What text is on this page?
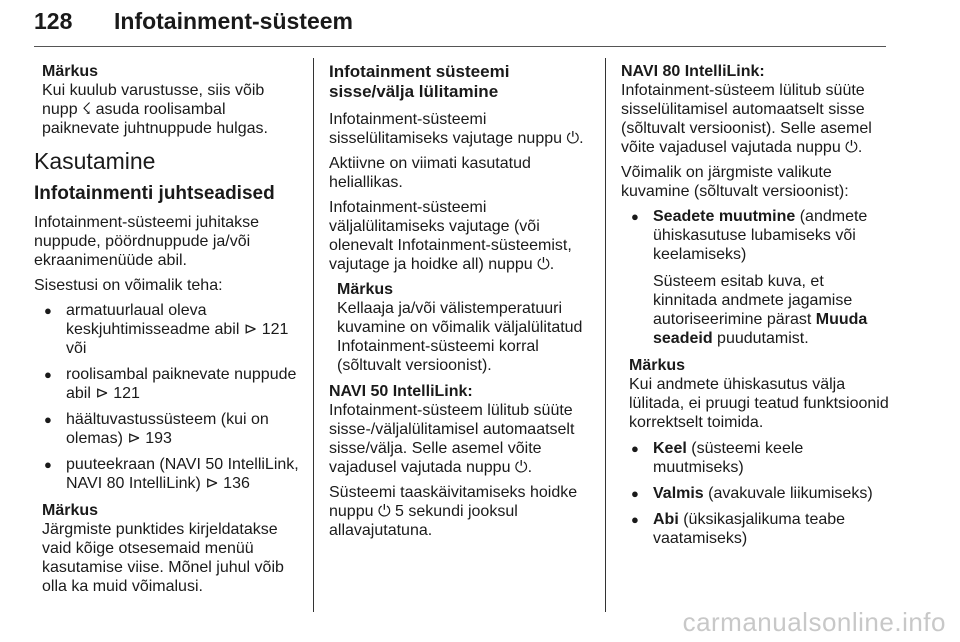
128 Infotainment-süsteem
Märkus
Kui kuulub varustusse, siis võib nupp ☇ asuda roolisambal paiknevate juhtnuppude hulgas.
Kasutamine
Infotainmenti juhtseadised

Infotainment-süsteemi juhitakse nuppude, pöördnuppude ja/või ekraanimenüüde abil.

Sisestusi on võimalik teha:

● armatuurlaual oleva keskjuhtimisseadme abil ⊳ 121 või
● roolisambal paiknevate nuppude abil ⊳ 121
● häältuvastussüsteem (kui on olemas) ⊳ 193
● puuteekraan (NAVI 50 IntelliLink, NAVI 80 IntelliLink) ⊳ 136
Märkus
Järgmiste punktides kirjeldatakse vaid kõige otsesemaid menüü kasutamise viise. Mõnel juhul võib olla ka muid võimalusi.
Infotainment süsteemi sisse/välja lülitamine

Infotainment-süsteemi sisselülitamiseks vajutage nuppu ⏻.

Aktiivne on viimati kasutatud heliallikas.

Infotainment-süsteemi väljalülitamiseks vajutage (või olenevalt Infotainment-süsteemist, vajutage ja hoidke all) nuppu ⏻.

Märkus
Kellaaja ja/või välistemperatuuri kuvamine on võimalik väljalülitatud Infotainment-süsteemi korral (sõltuvalt versioonist).

NAVI 50 IntelliLink:
Infotainment-süsteem lülitub süüte sisse-/väljalülitamisel automaatselt sisse/välja. Selle asemel võite vajadusel vajutada nuppu ⏻.

Süsteemi taaskäivitamiseks hoidke nuppu ⏻ 5 sekundi jooksul allavajutatuna.

NAVI 80 IntelliLink:
Infotainment-süsteem lülitub süüte sisselülitamisel automaatselt sisse (sõltuvalt versioonist). Selle asemel võite vajadusel vajutada nuppu ⏻.

Võimalik on järgmiste valikute kuvamine (sõltuvalt versioonist):

● Seadete muutmine (andmete ühiskasutuse lubamiseks või keelamiseks)

Süsteem esitab kuva, et kinnitada andmete jagamise autoriseerimine pärast Muuda seadeid puudutamist.

Märkus
Kui andmete ühiskasutus välja lülitada, ei pruugi teatud funktsioonid korrektselt toimida.
● Keel (süsteemi keele muutmiseks)
● Valmis (avakuvale liikumiseks)
● Abi (üksikasjalikuma teabe vaatamiseks)
carmanualsonline.info
